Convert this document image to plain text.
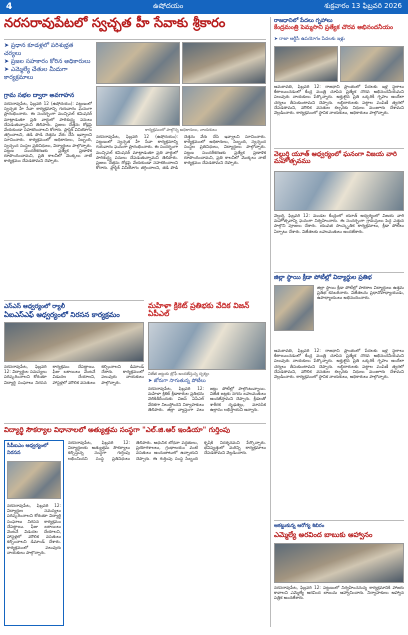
4	ఉషోదయం	శుక్రవారం 13 ఫిబ్రవరి 2026
నరసరావుపేటలో స్వచ్ఛత హీ సేవాకు శ్రీకారం
➤ ప్రధాన కూడళ్లలో పరిశుభ్రత చర్యలు
➤ ప్రజల సహకారం కోరిన అధికారులు
➤ ఎమ్మెల్యే చేతుల మీదుగా కార్యక్రమాలు
గ్రామ సభల ద్వారా అవగాహన
నరసరావుపేట, ఫిబ్రవరి 12 (ఉషోదయం): పట్టణంలో స్వచ్ఛత హీ సేవా కార్యక్రమాన్ని గురువారం ఘనంగా ప్రారంభించారు. ఈ సందర్భంగా మున్సిపల్ కమిషనర్ మాట్లాడుతూ ప్రతి వార్డులో పారిశుద్ధ్య పనులు చేపడుతున్నామని తెలిపారు. ప్రజలు చెత్తను రోడ్లపై వేయకుండా సహకరించాలని కోరారు. ప్లాస్టిక్ వినియోగం తగ్గించాలని, తడి పొడి చెత్తను వేరు చేసి ఇవ్వాలని సూచించారు. కార్యక్రమంలో అధికారులు, సిబ్బంది, స్వచ్ఛంద సంస్థల ప్రతినిధులు, విద్యార్థులు పాల్గొన్నారు. పట్టణ సుందరీకరణకు ప్రత్యేక ప్రణాళిక రూపొందించామని, ప్రతి కాలనీలో మొక్కలు నాటే కార్యక్రమం చేపడతామని చెప్పారు.
కార్యక్రమంలో పాల్గొన్న అధికారులు, నాయకులు
నరసరావుపేట, ఫిబ్రవరి 12 (ఉషోదయం): పట్టణంలో స్వచ్ఛత హీ సేవా కార్యక్రమాన్ని గురువారం ఘనంగా ప్రారంభించారు. ఈ సందర్భంగా మున్సిపల్ కమిషనర్ మాట్లాడుతూ ప్రతి వార్డులో పారిశుద్ధ్య పనులు చేపడుతున్నామని తెలిపారు. ప్రజలు చెత్తను రోడ్లపై వేయకుండా సహకరించాలని కోరారు. ప్లాస్టిక్ వినియోగం తగ్గించాలని, తడి పొడి చెత్తను వేరు చేసి ఇవ్వాలని సూచించారు. కార్యక్రమంలో అధికారులు, సిబ్బంది, స్వచ్ఛంద సంస్థల ప్రతినిధులు, విద్యార్థులు పాల్గొన్నారు. పట్టణ సుందరీకరణకు ప్రత్యేక ప్రణాళిక రూపొందించామని, ప్రతి కాలనీలో మొక్కలు నాటే కార్యక్రమం చేపడతామని చెప్పారు.
ఎస్ఎ‌స్ ఆధ్వర్యంలో ర్యాలీ
ఏఐఎస్ఎఫ్ ఆధ్వర్యంలో నిరసన కార్యక్రమం
నరసరావుపేట, ఫిబ్రవరి 12: విద్యార్థుల సమస్యలు పరిష్కరించాలని కోరుతూ విద్యార్థి సంఘాలు నిరసన కార్యక్రమం చేపట్టాయి. ఫీజు బకాయిలు వెంటనే విడుదల చేయాలని, హాస్టళ్లలో మౌలిక వసతులు కల్పించాలని డిమాండ్ చేశారు. కార్యక్రమంలో పలువురు నాయకులు పాల్గొన్నారు.
మహిళా క్రికెట్ ప్రతిభకు వేదిక విజన్ ఏపీఎల్
విజేత జట్టుకు ట్రోఫీ అందజేస్తున్న దృశ్యం
➤ జోరుగా సాగుతున్న పోటీలు
నరసరావుపేట, ఫిబ్రవరి 12: మహిళా క్రికెట్ క్రీడాకారుల ప్రతిభను వెలికితీసేందుకు విజన్ ఏపీఎల్ వేదికగా నిలుస్తోందని నిర్వాహకులు తెలిపారు. జిల్లా వ్యాప్తంగా పలు జట్లు పోటీల్లో పాల్గొంటున్నాయి. విజేత జట్లకు నగదు బహుమతులు అందజేస్తామని చెప్పారు. క్రీడలతో శారీరక దృఢత్వం, మానసిక ఉల్లాసం లభిస్తాయని అన్నారు.
విద్యార్థి సౌకర్యాల విధానాలలో అత్యుత్తమ సంస్థగా "ఎల్.జి.ఆర్ ఇండియా" గుర్తింపు
సీపీఐఎం ఆధ్వర్యంలో నిరసన
నరసరావుపేట, ఫిబ్రవరి 12: విద్యార్థుల సమస్యలు పరిష్కరించాలని కోరుతూ విద్యార్థి సంఘాలు నిరసన కార్యక్రమం చేపట్టాయి. ఫీజు బకాయిలు వెంటనే విడుదల చేయాలని, హాస్టళ్లలో మౌలిక వసతులు కల్పించాలని డిమాండ్ చేశారు. కార్యక్రమంలో పలువురు నాయకులు పాల్గొన్నారు.
నరసరావుపేట, ఫిబ్రవరి 12: విద్యార్థులకు అత్యుత్తమ సౌకర్యాలు కల్పిస్తున్న సంస్థగా గుర్తింపు లభించిందని సంస్థ ప్రతినిధులు తెలిపారు. ఆధునిక బోధనా పద్ధతులు, ప్రయోగశాలలు, గ్రంథాలయం వంటి వసతులు అందుబాటులో ఉన్నాయని చెప్పారు. ఈ గుర్తింపు సంస్థ సిబ్బంది కృషికి నిదర్శనమని పేర్కొన్నారు. భవిష్యత్తులో మరిన్ని కార్యక్రమాలు చేపడతామని వెల్లడించారు.
రాజధానిలో పేదలు గృహాలు
కేంద్రమంత్రి పెమ్మసాని ప్రత్యేక చొరవ అభినందనీయం
➤ రాజా ఆర్టీసీ ఉపయోగం పేదలకు ఇళ్లు
అమరావతి, ఫిబ్రవరి 12: రాజధాని ప్రాంతంలో పేదలకు ఇళ్ల స్థలాలు కేటాయించడంలో కేంద్ర మంత్రి చూపిన ప్రత్యేక చొరవ అభినందనీయమని పలువురు నాయకులు పేర్కొన్నారు. అర్హులైన ప్రతి ఒక్కరికీ గృహం అందేలా చర్యలు తీసుకుంటామని చెప్పారు. లబ్ధిదారులకు పట్టాల పంపిణీ త్వరలో చేపడతామని, మౌలిక వసతుల కల్పనకు నిధులు మంజూరు చేశామని వెల్లడించారు. కార్యక్రమంలో స్థానిక నాయకులు, అధికారులు పాల్గొన్నారు.
వెల్దుర్తి యూత్ ఆధ్వర్యంలో ఘనంగా విజయ వారి మహోత్సవము
వెల్దుర్తి, ఫిబ్రవరి 12: మండల కేంద్రంలో యూత్ ఆధ్వర్యంలో విజయ వారి మహోత్సవాన్ని ఘనంగా నిర్వహించారు. ఈ సందర్భంగా గ్రామస్తులు పెద్ద ఎత్తున పాల్గొని పూజలు చేశారు. యువత సాంస్కృతిక కార్యక్రమాలు, క్రీడా పోటీలు ఏర్పాటు చేశారు. విజేతలకు బహుమతులు అందజేశారు.
జిల్లా స్థాయి క్రీడా పోటీల్లో విద్యార్థుల ప్రతిభ
జిల్లా స్థాయి క్రీడా పోటీల్లో పాఠశాల విద్యార్థులు ఉత్తమ ప్రతిభ కనబరిచారు. విజేతలను ప్రధానోపాధ్యాయుడు, ఉపాధ్యాయులు అభినందించారు.
అమరావతి, ఫిబ్రవరి 12: రాజధాని ప్రాంతంలో పేదలకు ఇళ్ల స్థలాలు కేటాయించడంలో కేంద్ర మంత్రి చూపిన ప్రత్యేక చొరవ అభినందనీయమని పలువురు నాయకులు పేర్కొన్నారు. అర్హులైన ప్రతి ఒక్కరికీ గృహం అందేలా చర్యలు తీసుకుంటామని చెప్పారు. లబ్ధిదారులకు పట్టాల పంపిణీ త్వరలో చేపడతామని, మౌలిక వసతుల కల్పనకు నిధులు మంజూరు చేశామని వెల్లడించారు. కార్యక్రమంలో స్థానిక నాయకులు, అధికారులు పాల్గొన్నారు.
ఆకట్టుకున్న ఆరోగ్య శిబిరం
ఎమ్మెల్యే అరవింద బాబుకు ఆహ్వానం
నరసరావుపేట, ఫిబ్రవరి 12: పట్టణంలో నిర్వహించనున్న కార్యక్రమానికి హాజరు కావాలని ఎమ్మెల్యే అరవింద బాబును ఆహ్వానించారు. నిర్వాహకులు ఆహ్వాన పత్రిక అందజేశారు.
